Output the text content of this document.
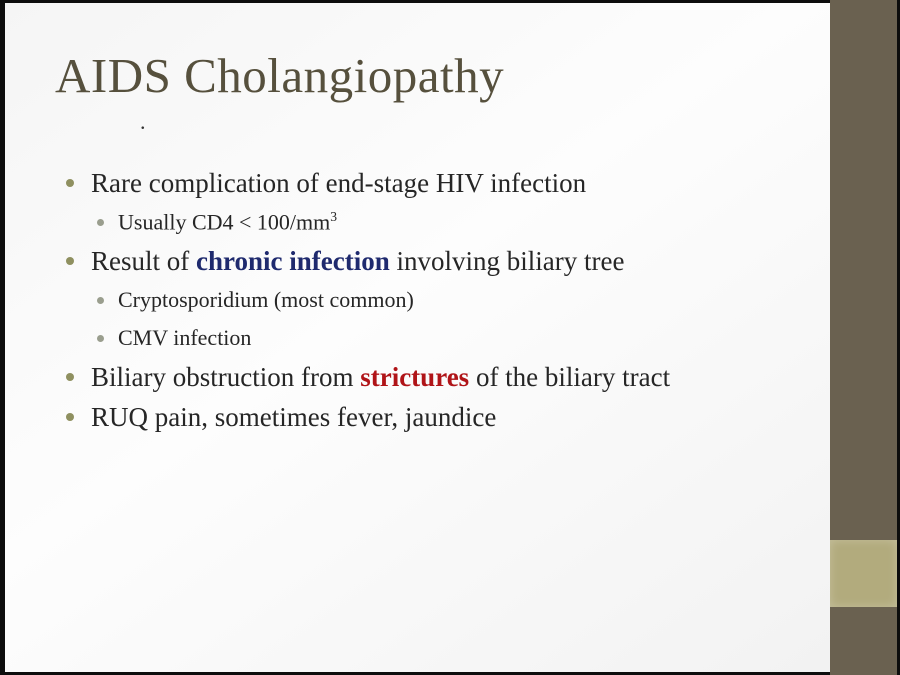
AIDS Cholangiopathy
.
Rare complication of end-stage HIV infection
Usually $CD4 < 100/mm^3$
Result of chronic infection involving biliary tree
Cryptosporidium (most common)
CMV infection
Biliary obstruction from strictures of the biliary tract
RUQ pain, sometimes fever, jaundice
